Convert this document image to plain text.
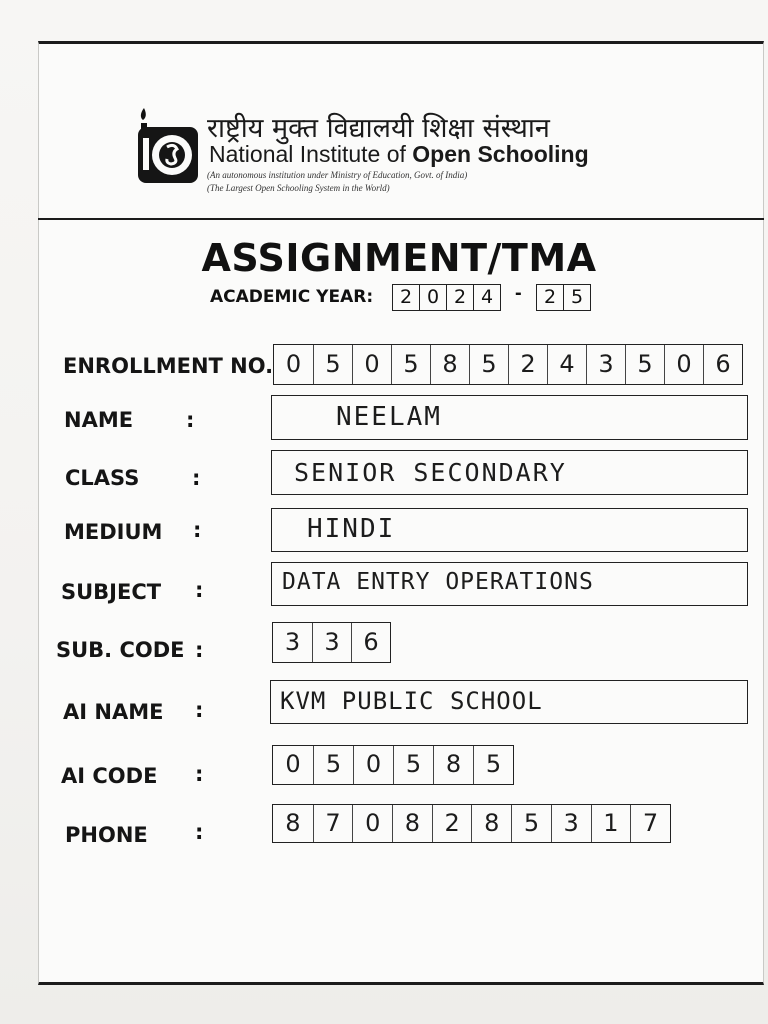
राष्ट्रीय मुक्त विद्यालयी शिक्षा संस्थान
National Institute of Open Schooling
(An autonomous institution under Ministry of Education, Govt. of India)
(The Largest Open Schooling System in the World)
ASSIGNMENT/TMA
ACADEMIC YEAR:	2 0 2 4	-	2 5
ENROLLMENT NO. 0	5 0 5 8 5 2 4 3 5 0 6
NAME	:	NEELAM
CLASS	:	SENIOR SECONDARY
MEDIUM :	HINDI
SUBJECT :	DATA ENTRY OPERATIONS
SUB. CODE :	3	3 6
AI NAME :	KVM PUBLIC SCHOOL
AI CODE :	0	5	0	5	8	5
PHONE :	8	7	0	8	2	8	5	3	1	7
